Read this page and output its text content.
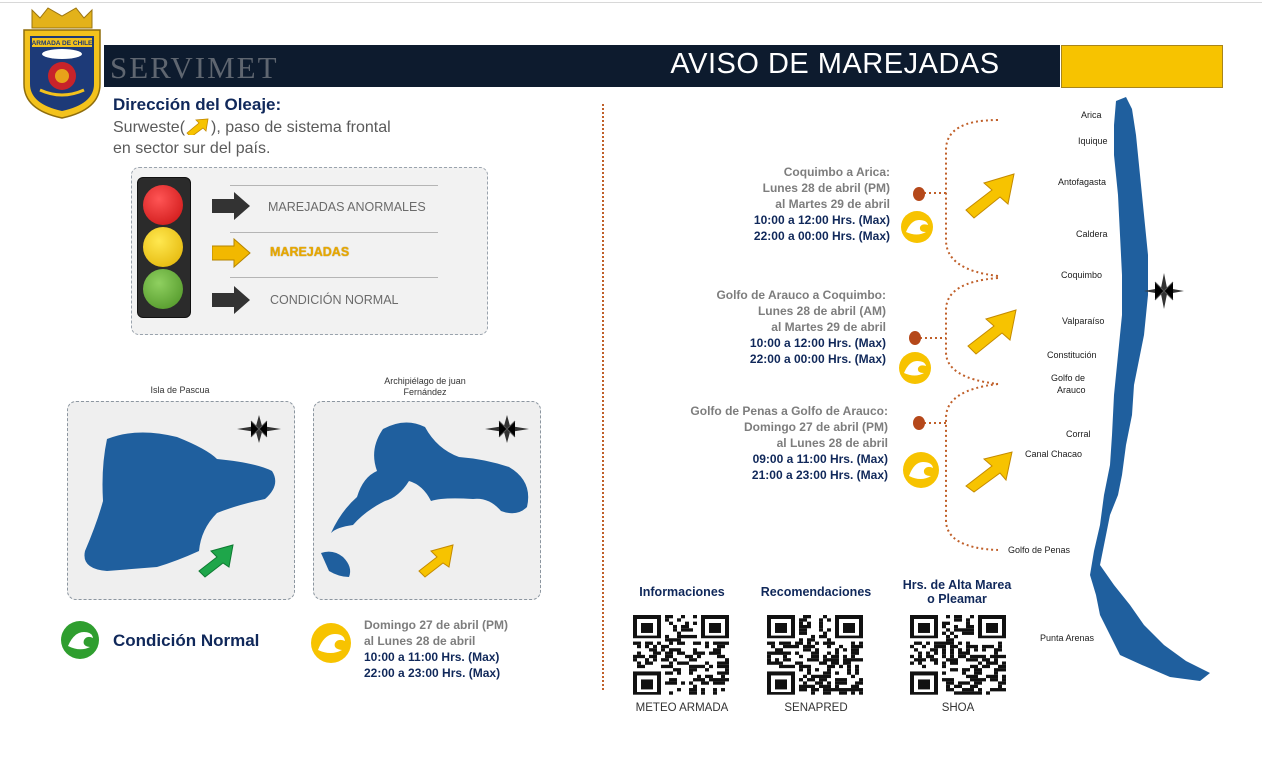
ARMADA DE CHILE
SERVIMET	AVISO DE MAREJADAS
Dirección del Oleaje:
Surweste( ), paso de sistema frontal
en sector sur del país.
MAREJADAS ANORMALES
MAREJADAS
CONDICIÓN NORMAL
Isla de Pascua
Archipiélago de juan
Fernández
Condición Normal
Domingo 27 de abril (PM)
al Lunes 28 de abril
10:00 a 11:00 Hrs. (Max)
22:00 a 23:00 Hrs. (Max)
Coquimbo a Arica:
Lunes 28 de abril (PM)
al Martes 29 de abril
10:00 a 12:00 Hrs. (Max)
22:00 a 00:00 Hrs. (Max)
Golfo de Arauco a Coquimbo:
Lunes 28 de abril (AM)
al Martes 29 de abril
10:00 a 12:00 Hrs. (Max)
22:00 a 00:00 Hrs. (Max)
Golfo de Penas a Golfo de Arauco:
Domingo 27 de abril (PM)
al Lunes 28 de abril
09:00 a 11:00 Hrs. (Max)
21:00 a 23:00 Hrs. (Max)
Arica
Iquique
Antofagasta
Caldera
Coquimbo
Valparaíso
Constitución
Golfo de
Arauco
Corral
Canal Chacao
Golfo de Penas
Punta Arenas
Informaciones	Recomendaciones	Hrs. de Alta Marea
o Pleamar
METEO ARMADA	SENAPRED	SHOA
